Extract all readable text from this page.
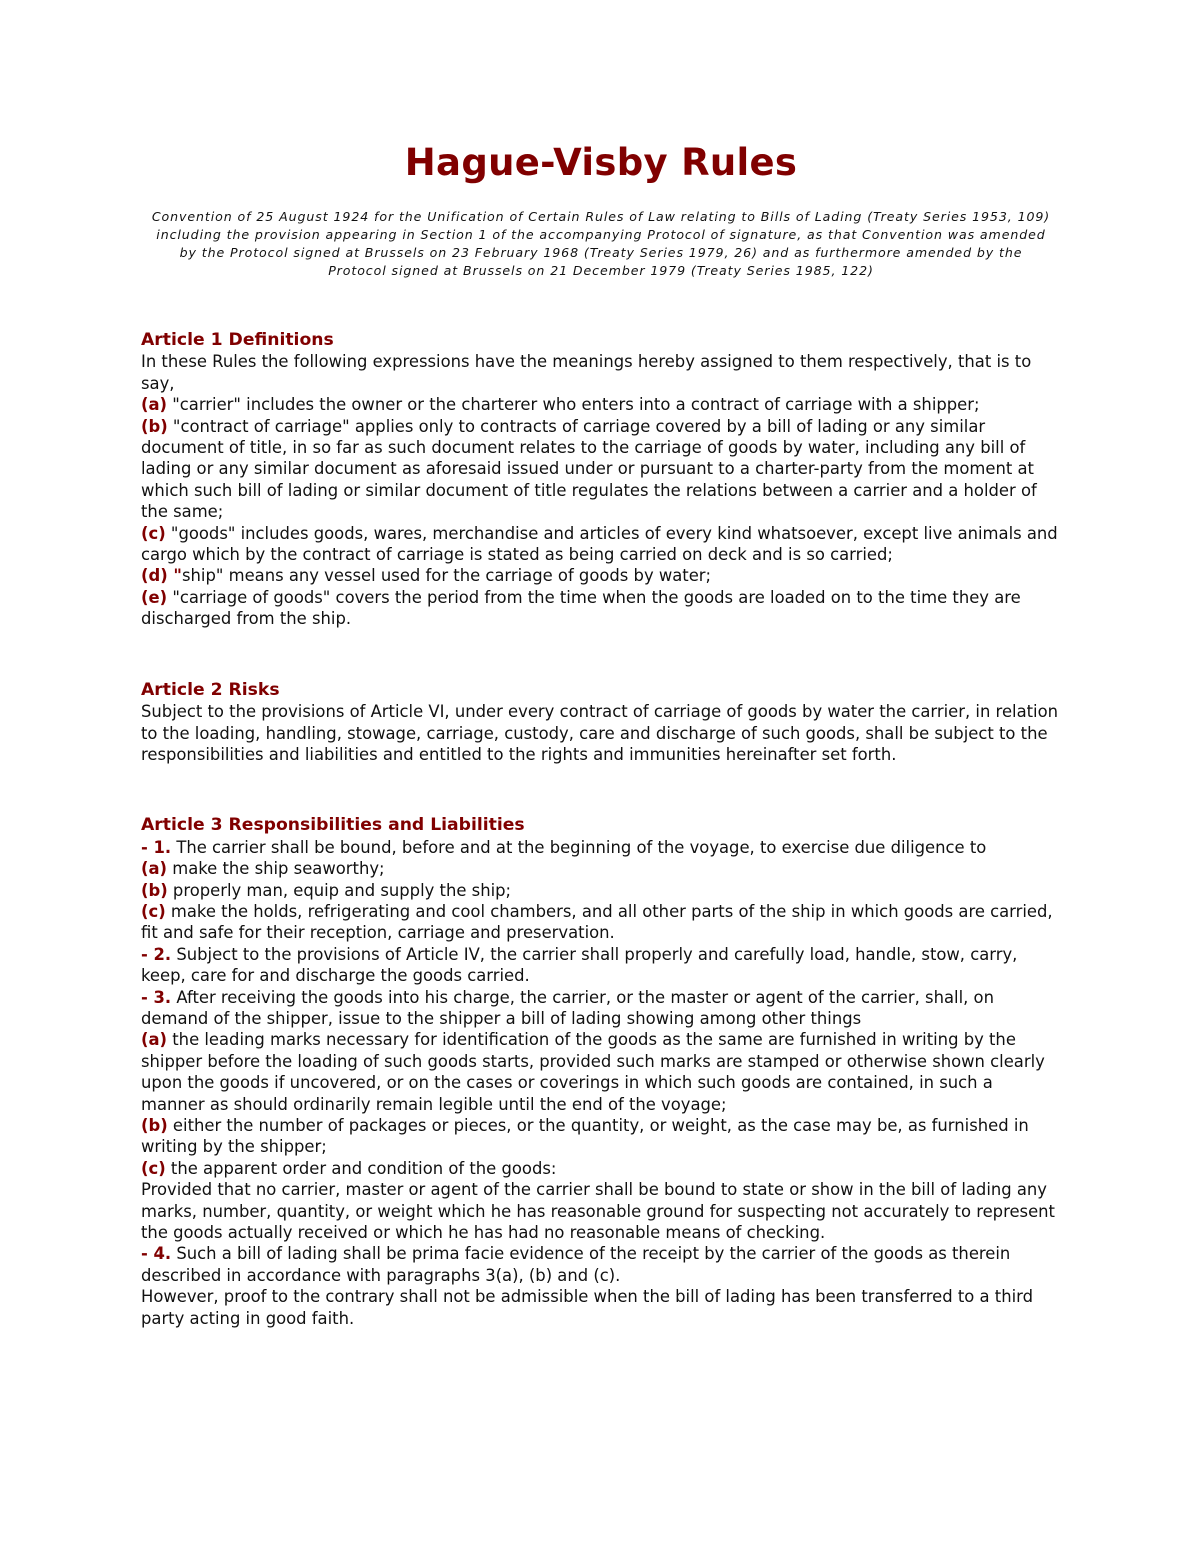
Hague-Visby Rules
Convention of 25 August 1924 for the Unification of Certain Rules of Law relating to Bills of Lading (Treaty Series 1953, 109) including the provision appearing in Section 1 of the accompanying Protocol of signature, as that Convention was amended by the Protocol signed at Brussels on 23 February 1968 (Treaty Series 1979, 26) and as furthermore amended by the Protocol signed at Brussels on 21 December 1979 (Treaty Series 1985, 122)
Article 1 Definitions
In these Rules the following expressions have the meanings hereby assigned to them respectively, that is to say,
(a) "carrier" includes the owner or the charterer who enters into a contract of carriage with a shipper;
(b) "contract of carriage" applies only to contracts of carriage covered by a bill of lading or any similar document of title, in so far as such document relates to the carriage of goods by water, including any bill of lading or any similar document as aforesaid issued under or pursuant to a charter-party from the moment at which such bill of lading or similar document of title regulates the relations between a carrier and a holder of the same;
(c) "goods" includes goods, wares, merchandise and articles of every kind whatsoever, except live animals and cargo which by the contract of carriage is stated as being carried on deck and is so carried;
(d) "ship" means any vessel used for the carriage of goods by water;
(e) "carriage of goods" covers the period from the time when the goods are loaded on to the time they are discharged from the ship.
Article 2 Risks
Subject to the provisions of Article VI, under every contract of carriage of goods by water the carrier, in relation to the loading, handling, stowage, carriage, custody, care and discharge of such goods, shall be subject to the responsibilities and liabilities and entitled to the rights and immunities hereinafter set forth.
Article 3 Responsibilities and Liabilities
- 1. The carrier shall be bound, before and at the beginning of the voyage, to exercise due diligence to
(a) make the ship seaworthy;
(b) properly man, equip and supply the ship;
(c) make the holds, refrigerating and cool chambers, and all other parts of the ship in which goods are carried, fit and safe for their reception, carriage and preservation.
- 2. Subject to the provisions of Article IV, the carrier shall properly and carefully load, handle, stow, carry, keep, care for and discharge the goods carried.
- 3. After receiving the goods into his charge, the carrier, or the master or agent of the carrier, shall, on demand of the shipper, issue to the shipper a bill of lading showing among other things
(a) the leading marks necessary for identification of the goods as the same are furnished in writing by the shipper before the loading of such goods starts, provided such marks are stamped or otherwise shown clearly upon the goods if uncovered, or on the cases or coverings in which such goods are contained, in such a manner as should ordinarily remain legible until the end of the voyage;
(b) either the number of packages or pieces, or the quantity, or weight, as the case may be, as furnished in writing by the shipper;
(c) the apparent order and condition of the goods:
Provided that no carrier, master or agent of the carrier shall be bound to state or show in the bill of lading any marks, number, quantity, or weight which he has reasonable ground for suspecting not accurately to represent the goods actually received or which he has had no reasonable means of checking.
- 4. Such a bill of lading shall be prima facie evidence of the receipt by the carrier of the goods as therein described in accordance with paragraphs 3(a), (b) and (c).
However, proof to the contrary shall not be admissible when the bill of lading has been transferred to a third party acting in good faith.
